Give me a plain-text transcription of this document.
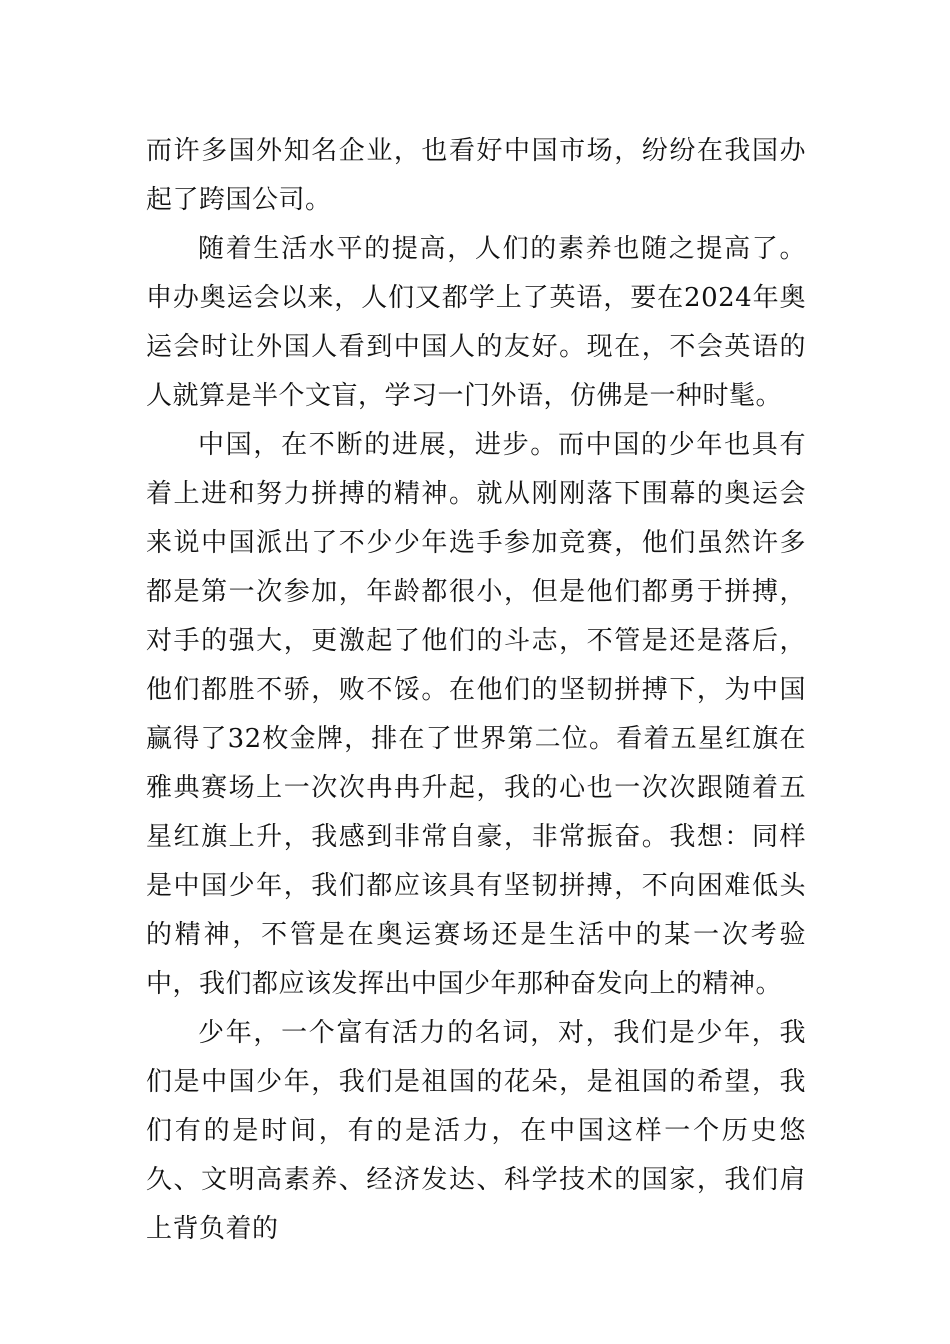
而许多国外知名企业，也看好中国市场，纷纷在我国办起了跨国公司。

随着生活水平的提高，人们的素养也随之提高了。申办奥运会以来，人们又都学上了英语，要在2024年奥运会时让外国人看到中国人的友好。现在，不会英语的人就算是半个文盲，学习一门外语，仿佛是一种时髦。

中国，在不断的进展，进步。而中国的少年也具有着上进和努力拼搏的精神。就从刚刚落下围幕的奥运会来说中国派出了不少少年选手参加竞赛，他们虽然许多都是第一次参加，年龄都很小，但是他们都勇于拼搏，对手的强大，更激起了他们的斗志，不管是还是落后，他们都胜不骄，败不馁。在他们的坚韧拼搏下，为中国赢得了32枚金牌，排在了世界第二位。看着五星红旗在雅典赛场上一次次冉冉升起，我的心也一次次跟随着五星红旗上升，我感到非常自豪，非常振奋。我想：同样是中国少年，我们都应该具有坚韧拼搏，不向困难低头的精神，不管是在奥运赛场还是生活中的某一次考验中，我们都应该发挥出中国少年那种奋发向上的精神。

少年，一个富有活力的名词，对，我们是少年，我们是中国少年，我们是祖国的花朵，是祖国的希望，我们有的是时间，有的是活力，在中国这样一个历史悠久、文明高素养、经济发达、科学技术的国家，我们肩上背负着的
